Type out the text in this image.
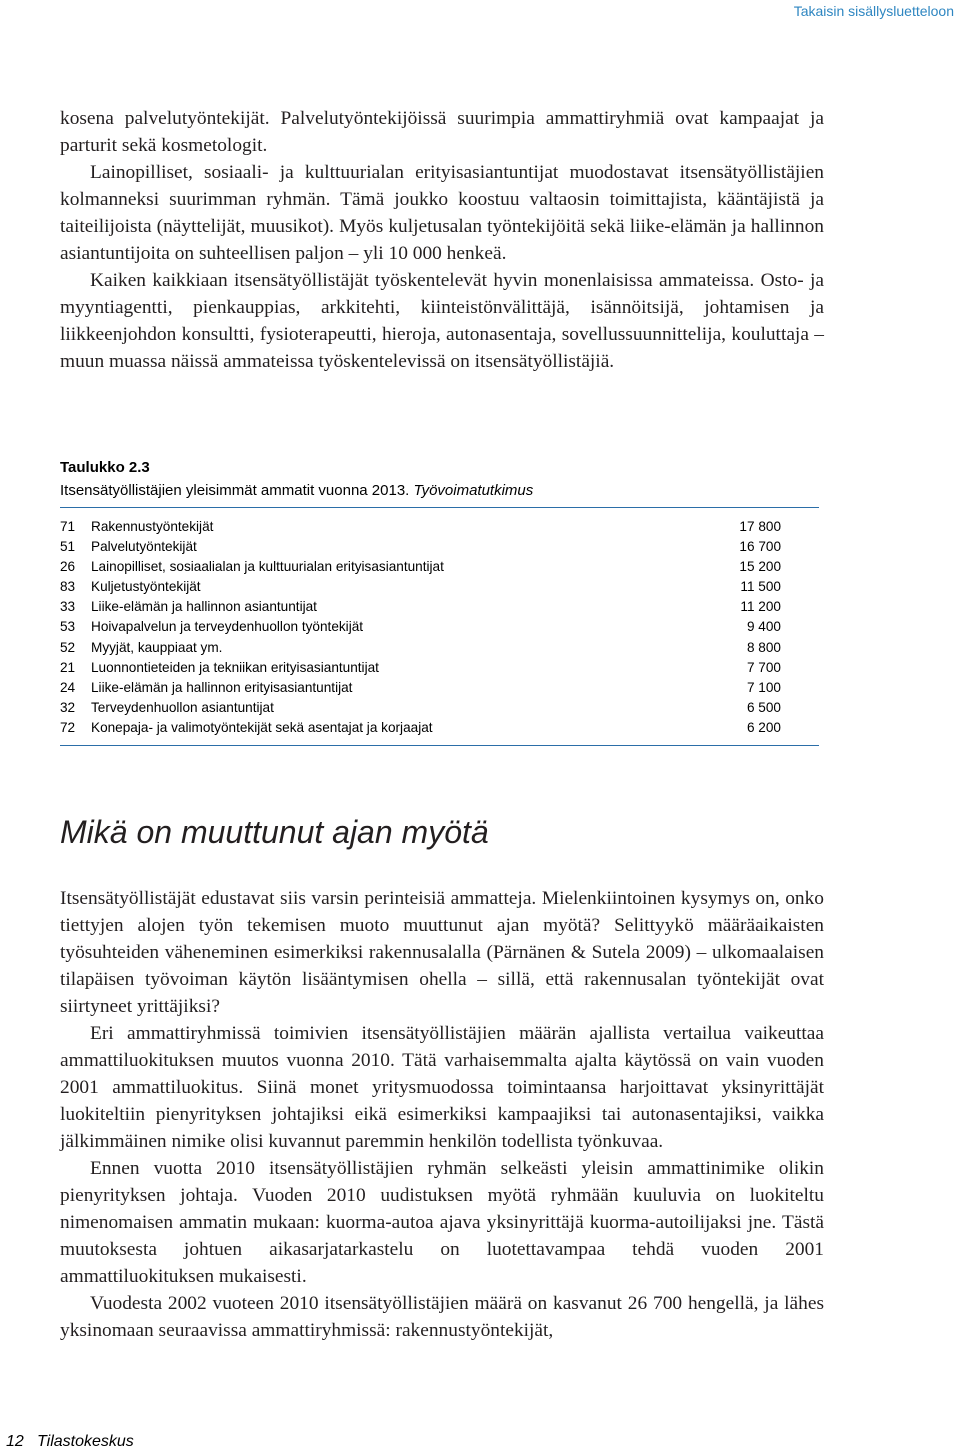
Takaisin sisällysluetteloon

kosena palvelutyöntekijät. Palvelutyöntekijöissä suurimpia ammattiryhmiä ovat kampaajat ja parturit sekä kosmetologit.

Lainopilliset, sosiaali- ja kulttuurialan erityisasiantuntijat muodostavat itsensätyöllistäjien kolmanneksi suurimman ryhmän. Tämä joukko koostuu valtaosin toimittajista, kääntäjistä ja taiteilijoista (näyttelijät, muusikot). Myös kuljetusalan työntekijöitä sekä liike-elämän ja hallinnon asiantuntijoita on suhteellisen paljon – yli 10 000 henkeä.

Kaiken kaikkiaan itsensätyöllistäjät työskentelevät hyvin monenlaisissa ammateissa. Osto- ja myyntiagentti, pienkauppias, arkkitehti, kiinteistönvälittäjä, isännöitsijä, johtamisen ja liikkeenjohdon konsultti, fysioterapeutti, hieroja, autonasentaja, sovellussuunnittelija, kouluttaja – muun muassa näissä ammateissa työskentelevissä on itsensätyöllistäjiä.

Taulukko 2.3
Itsensätyöllistäjien yleisimmät ammatit vuonna 2013. Työvoimatutkimus
71 Rakennustyöntekijät	17 800
51 Palvelutyöntekijät	16 700
26 Lainopilliset, sosiaalialan ja kulttuurialan erityisasiantuntijat	15 200
83 Kuljetustyöntekijät	11 500
33 Liike-elämän ja hallinnon asiantuntijat	11 200
53 Hoivapalvelun ja terveydenhuollon työntekijät	9 400
52 Myyjät, kauppiaat ym.	8 800
21 Luonnontieteiden ja tekniikan erityisasiantuntijat	7 700
24 Liike-elämän ja hallinnon erityisasiantuntijat	7 100
32 Terveydenhuollon asiantuntijat	6 500
72 Konepaja- ja valimotyöntekijät sekä asentajat ja korjaajat	6 200
Mikä on muuttunut ajan myötä

Itsensätyöllistäjät edustavat siis varsin perinteisiä ammatteja. Mielenkiintoinen kysymys on, onko tiettyjen alojen työn tekemisen muoto muuttunut ajan myötä? Selittyykö määräaikaisten työsuhteiden väheneminen esimerkiksi rakennusalalla (Pärnänen & Sutela 2009) – ulkomaalaisen tilapäisen työvoiman käytön lisääntymisen ohella – sillä, että rakennusalan työntekijät ovat siirtyneet yrittäjiksi?

Eri ammattiryhmissä toimivien itsensätyöllistäjien määrän ajallista vertailua vaikeuttaa ammattiluokituksen muutos vuonna 2010. Tätä varhaisemmalta ajalta käytössä on vain vuoden 2001 ammattiluokitus. Siinä monet yritysmuodossa toimintaansa harjoittavat yksinyrittäjät luokiteltiin pienyrityksen johtajiksi eikä esimerkiksi kampaajiksi tai autonasentajiksi, vaikka jälkimmäinen nimike olisi kuvannut paremmin henkilön todellista työnkuvaa.

Ennen vuotta 2010 itsensätyöllistäjien ryhmän selkeästi yleisin ammattinimike olikin pienyrityksen johtaja. Vuoden 2010 uudistuksen myötä ryhmään kuuluvia on luokiteltu nimenomaisen ammatin mukaan: kuorma-autoa ajava yksinyrittäjä kuorma-autoilijaksi jne. Tästä muutoksesta johtuen aikasarjatarkastelu on luotettavampaa tehdä vuoden 2001 ammattiluokituksen mukaisesti.

Vuodesta 2002 vuoteen 2010 itsensätyöllistäjien määrä on kasvanut 26 700 hengellä, ja lähes yksinomaan seuraavissa ammattiryhmissä: rakennustyöntekijät,

12 Tilastokeskus
